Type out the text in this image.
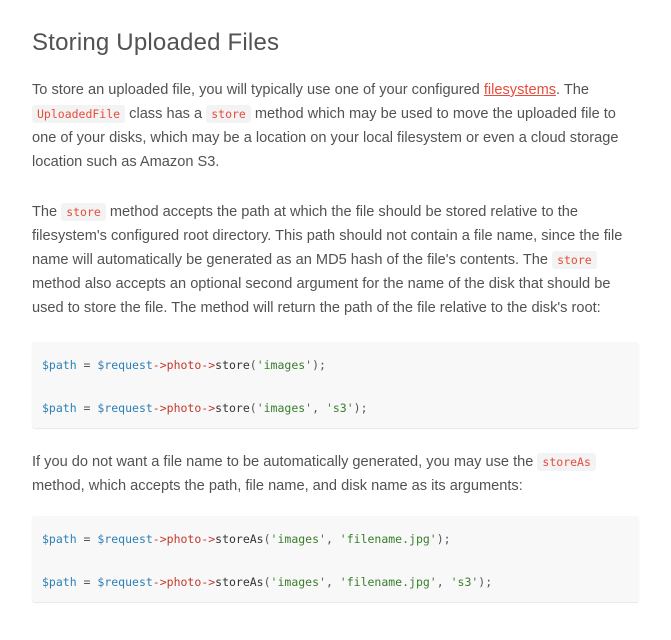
Storing Uploaded Files

To store an uploaded file, you will typically use one of your configured filesystems. The UploadedFile class has a store method which may be used to move the uploaded file to one of your disks, which may be a location on your local filesystem or even a cloud storage location such as Amazon S3.

The store method accepts the path at which the file should be stored relative to the filesystem's configured root directory. This path should not contain a file name, since the file name will automatically be generated as an MD5 hash of the file's contents. The store method also accepts an optional second argument for the name of the disk that should be used to store the file. The method will return the path of the file relative to the disk's root:

$path = $request->photo->store('images');
$path = $request->photo->store('images', 's3');

If you do not want a file name to be automatically generated, you may use the storeAs method, which accepts the path, file name, and disk name as its arguments:

$path = $request->photo->storeAs('images', 'filename.jpg');
$path = $request->photo->storeAs('images', 'filename.jpg', 's3');
